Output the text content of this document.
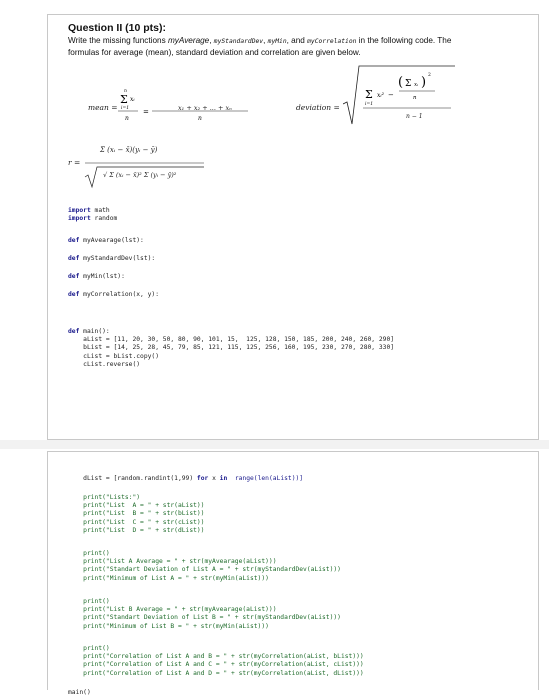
Question II (10 pts):
Write the missing functions myAverage, myStandardDev, myMin, and myCorrelation in the following code. The formulas for average (mean), standard deviation and correlation are given below.
mean =
n
Σ xᵢ
i=1
n
=
n
x₁ + x₂ + ... + xₙ	deviation =
Σ xᵢ²
i=1
−
( Σ xᵢ ) 2
n
n − 1
r =
Σ (xᵢ − x̄)(yᵢ − ȳ)
√ Σ (xᵢ − x̄)² Σ (yᵢ − ȳ)²
import math
import random
def myAvearage(lst):
def myStandardDev(lst):
def myMin(lst):
def myCorrelation(x, y):
def main():
aList = [11, 20, 30, 50, 80, 90, 101, 15,  125, 128, 150, 185, 200, 240, 260, 290]
bList = [14, 25, 28, 45, 79, 85, 121, 115, 125, 256, 160, 195, 230, 270, 280, 330]
cList = bList.copy()
cList.reverse()
dList = [random.randint(1,99) for x in  range(len(aList))]
print("Lists:")
print("List  A = " + str(aList))
print("List  B = " + str(bList))
print("List  C = " + str(cList))
print("List  D = " + str(dList))
print()
print("List A Average = " + str(myAvearage(aList)))
print("Standart Deviation of List A = " + str(myStandardDev(aList)))
print("Minimum of List A = " + str(myMin(aList)))
print()
print("List B Average = " + str(myAvearage(aList)))
print("Standart Deviation of List B = " + str(myStandardDev(aList)))
print("Minimum of List B = " + str(myMin(aList)))
print()
print("Correlation of List A and B = " + str(myCorrelation(aList, bList)))
print("Correlation of List A and C = " + str(myCorrelation(aList, cList)))
print("Correlation of List A and D = " + str(myCorrelation(aList, dList)))
main()
